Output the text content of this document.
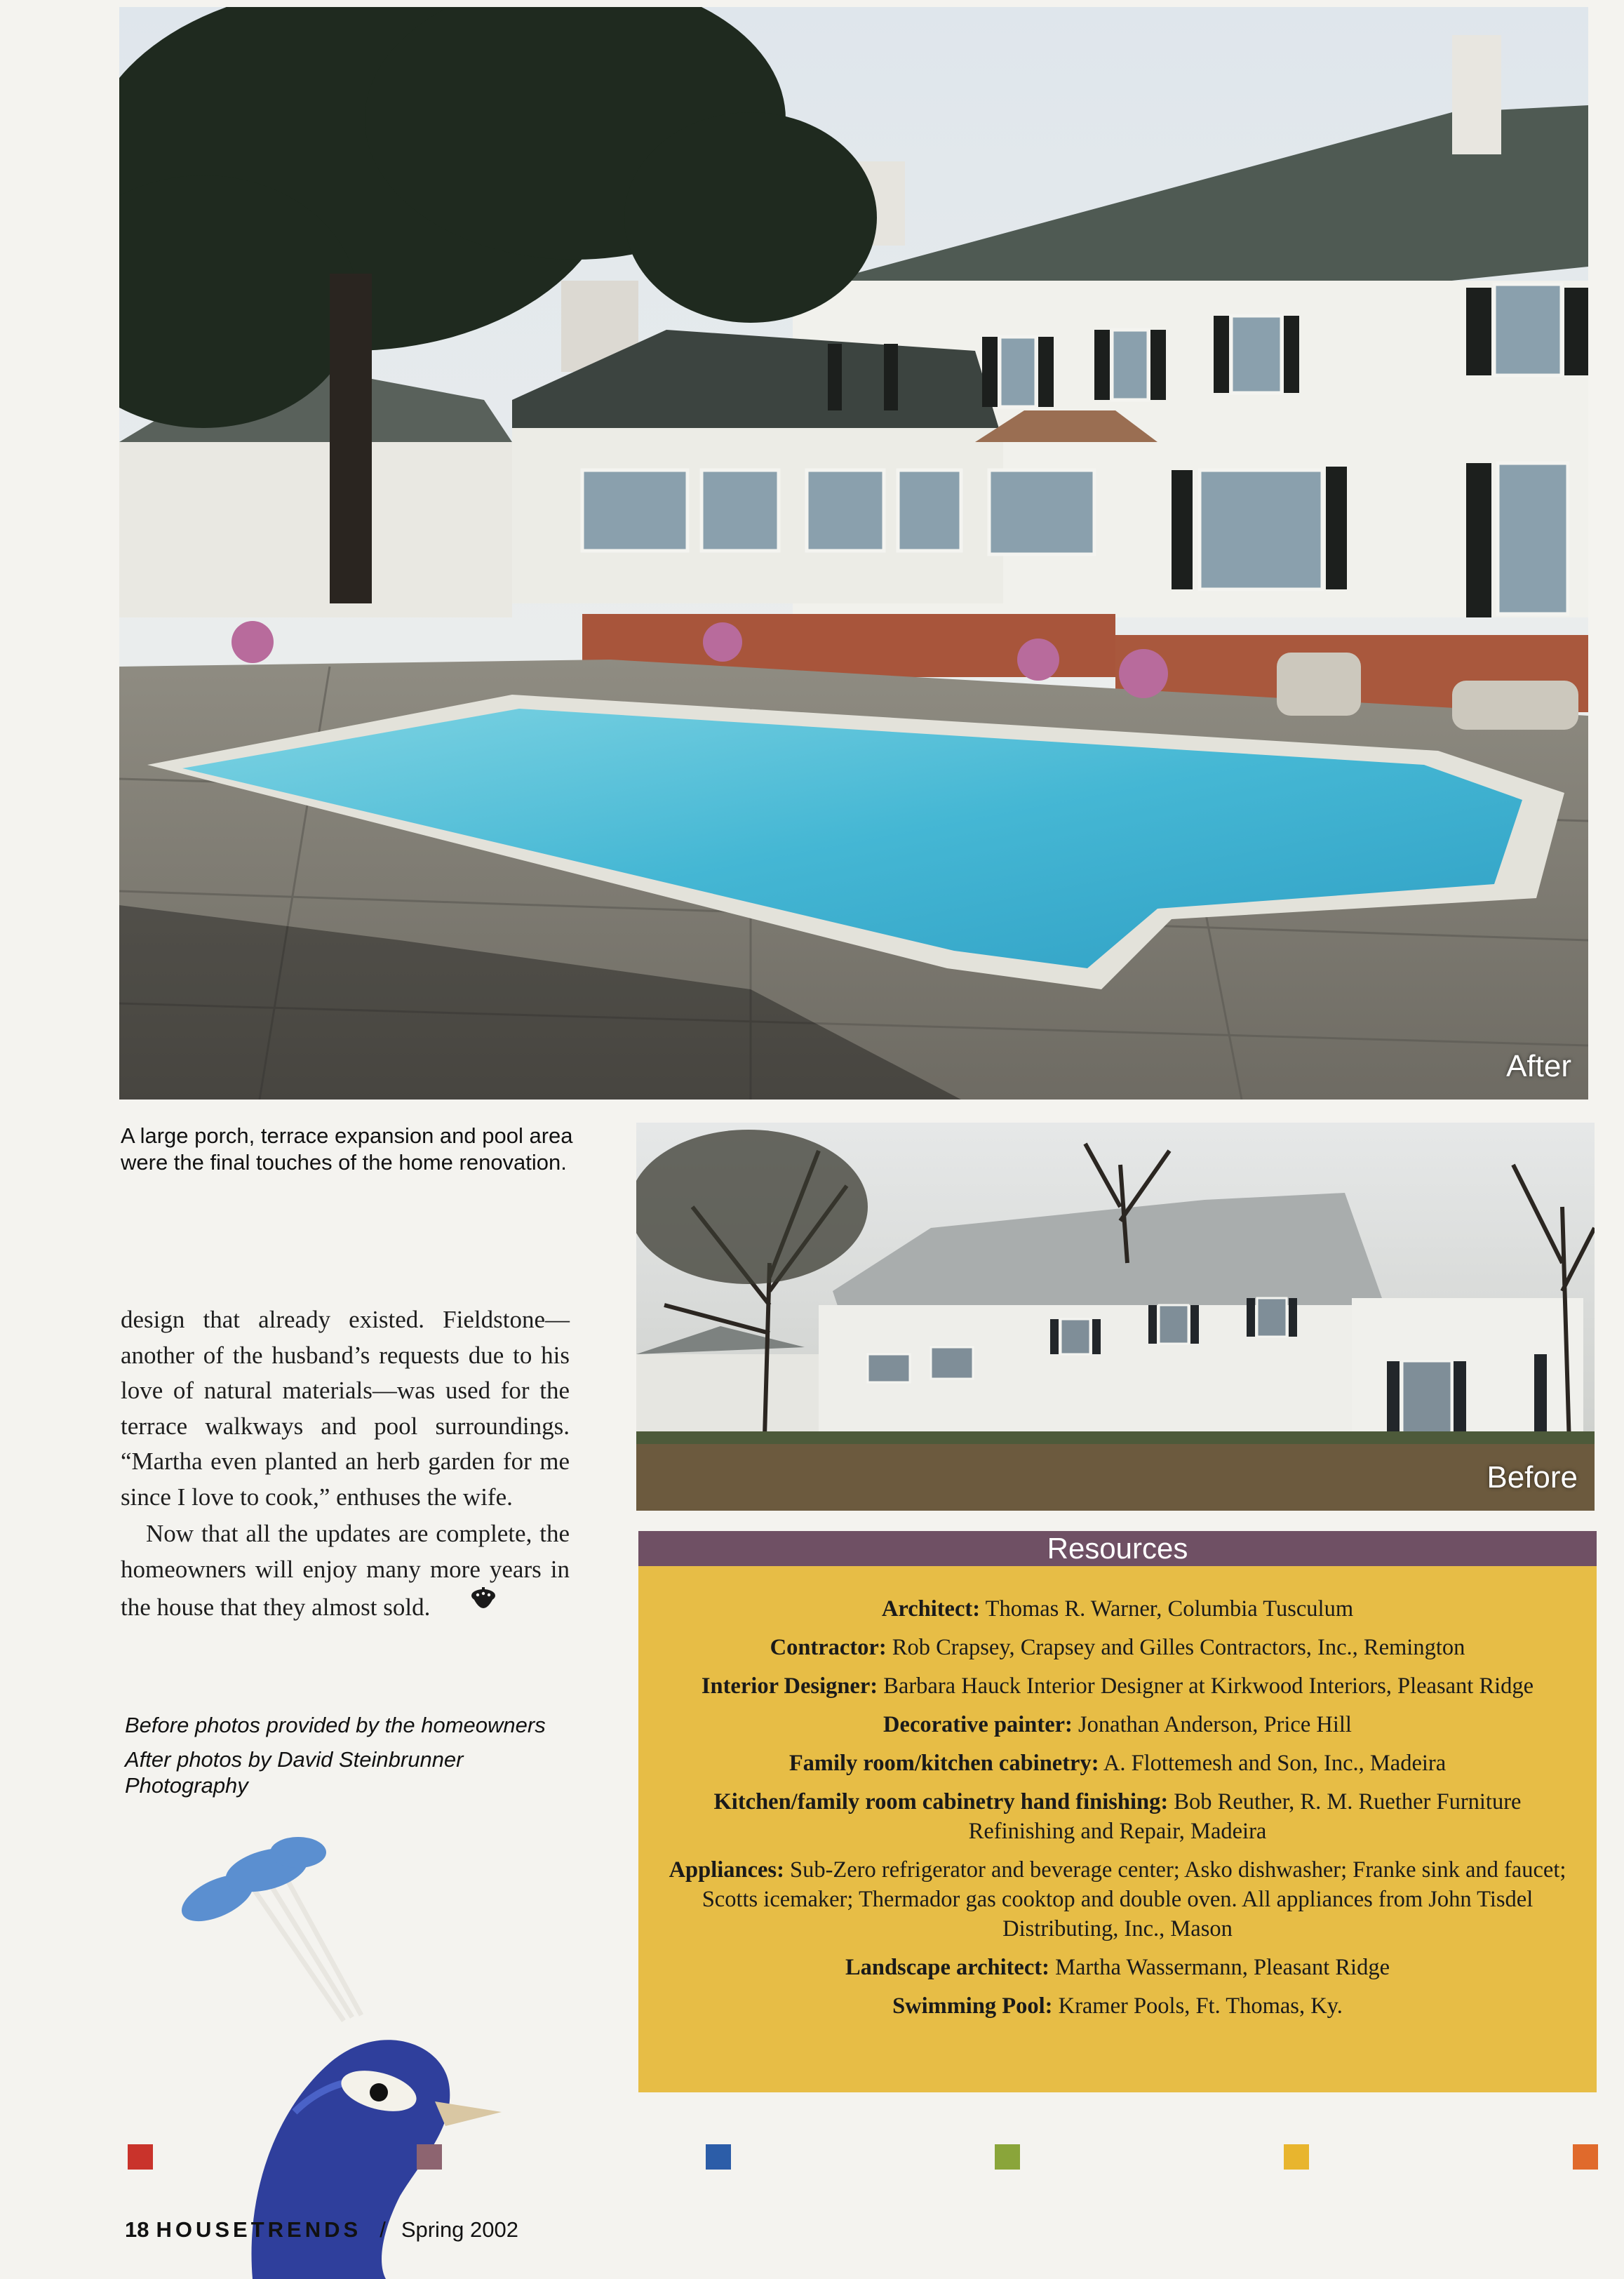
After
A large porch, terrace expansion and pool area were the final touches of the home renovation.

design that already existed. Fieldstone—another of the husband’s requests due to his love of natural materials—was used for the terrace walkways and pool surroundings. “Martha even planted an herb garden for me since I love to cook,” enthuses the wife.

Now that all the updates are complete, the homeowners will enjoy many more years in the house that they almost sold.

Before photos provided by the homeowners

After photos by David Steinbrunner Photography

Before
Resources
Architect: Thomas R. Warner, Columbia Tusculum
Contractor: Rob Crapsey, Crapsey and Gilles Contractors, Inc., Remington
Interior Designer: Barbara Hauck Interior Designer at Kirkwood Interiors, Pleasant Ridge
Decorative painter: Jonathan Anderson, Price Hill
Family room/kitchen cabinetry: A. Flottemesh and Son, Inc., Madeira
Kitchen/family room cabinetry hand finishing: Bob Reuther, R. M. Ruether Furniture Refinishing and Repair, Madeira
Appliances: Sub-Zero refrigerator and beverage center; Asko dishwasher; Franke sink and faucet; Scotts icemaker; Thermador gas cooktop and double oven. All appliances from John Tisdel Distributing, Inc., Mason
Landscape architect: Martha Wassermann, Pleasant Ridge
Swimming Pool: Kramer Pools, Ft. Thomas, Ky.
18 HOUSETRENDS / Spring 2002
